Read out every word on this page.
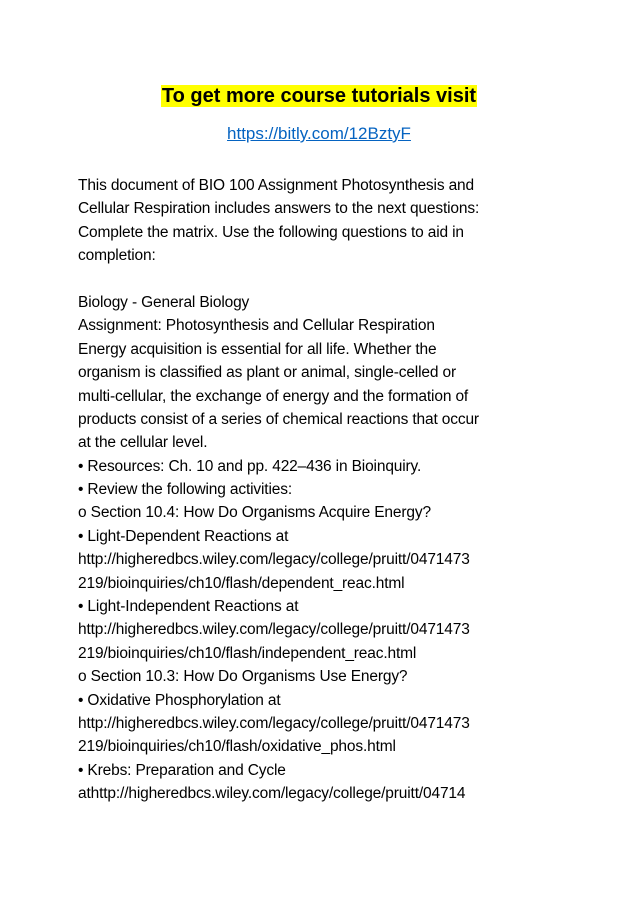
To get more course tutorials visit
https://bitly.com/12BztyF
This document of BIO 100 Assignment Photosynthesis and
Cellular Respiration includes answers to the next questions:
Complete the matrix. Use the following questions to aid in
completion:
Biology - General Biology
Assignment: Photosynthesis and Cellular Respiration
Energy acquisition is essential for all life. Whether the
organism is classified as plant or animal, single-celled or
multi-cellular, the exchange of energy and the formation of
products consist of a series of chemical reactions that occur
at the cellular level.
• Resources: Ch. 10 and pp. 422–436 in Bioinquiry.
• Review the following activities:
o Section 10.4: How Do Organisms Acquire Energy?
• Light-Dependent Reactions at
http://higheredbcs.wiley.com/legacy/college/pruitt/0471473
219/bioinquiries/ch10/flash/dependent_reac.html
• Light-Independent Reactions at
http://higheredbcs.wiley.com/legacy/college/pruitt/0471473
219/bioinquiries/ch10/flash/independent_reac.html
o Section 10.3: How Do Organisms Use Energy?
• Oxidative Phosphorylation at
http://higheredbcs.wiley.com/legacy/college/pruitt/0471473
219/bioinquiries/ch10/flash/oxidative_phos.html
• Krebs: Preparation and Cycle
athttp://higheredbcs.wiley.com/legacy/college/pruitt/04714
